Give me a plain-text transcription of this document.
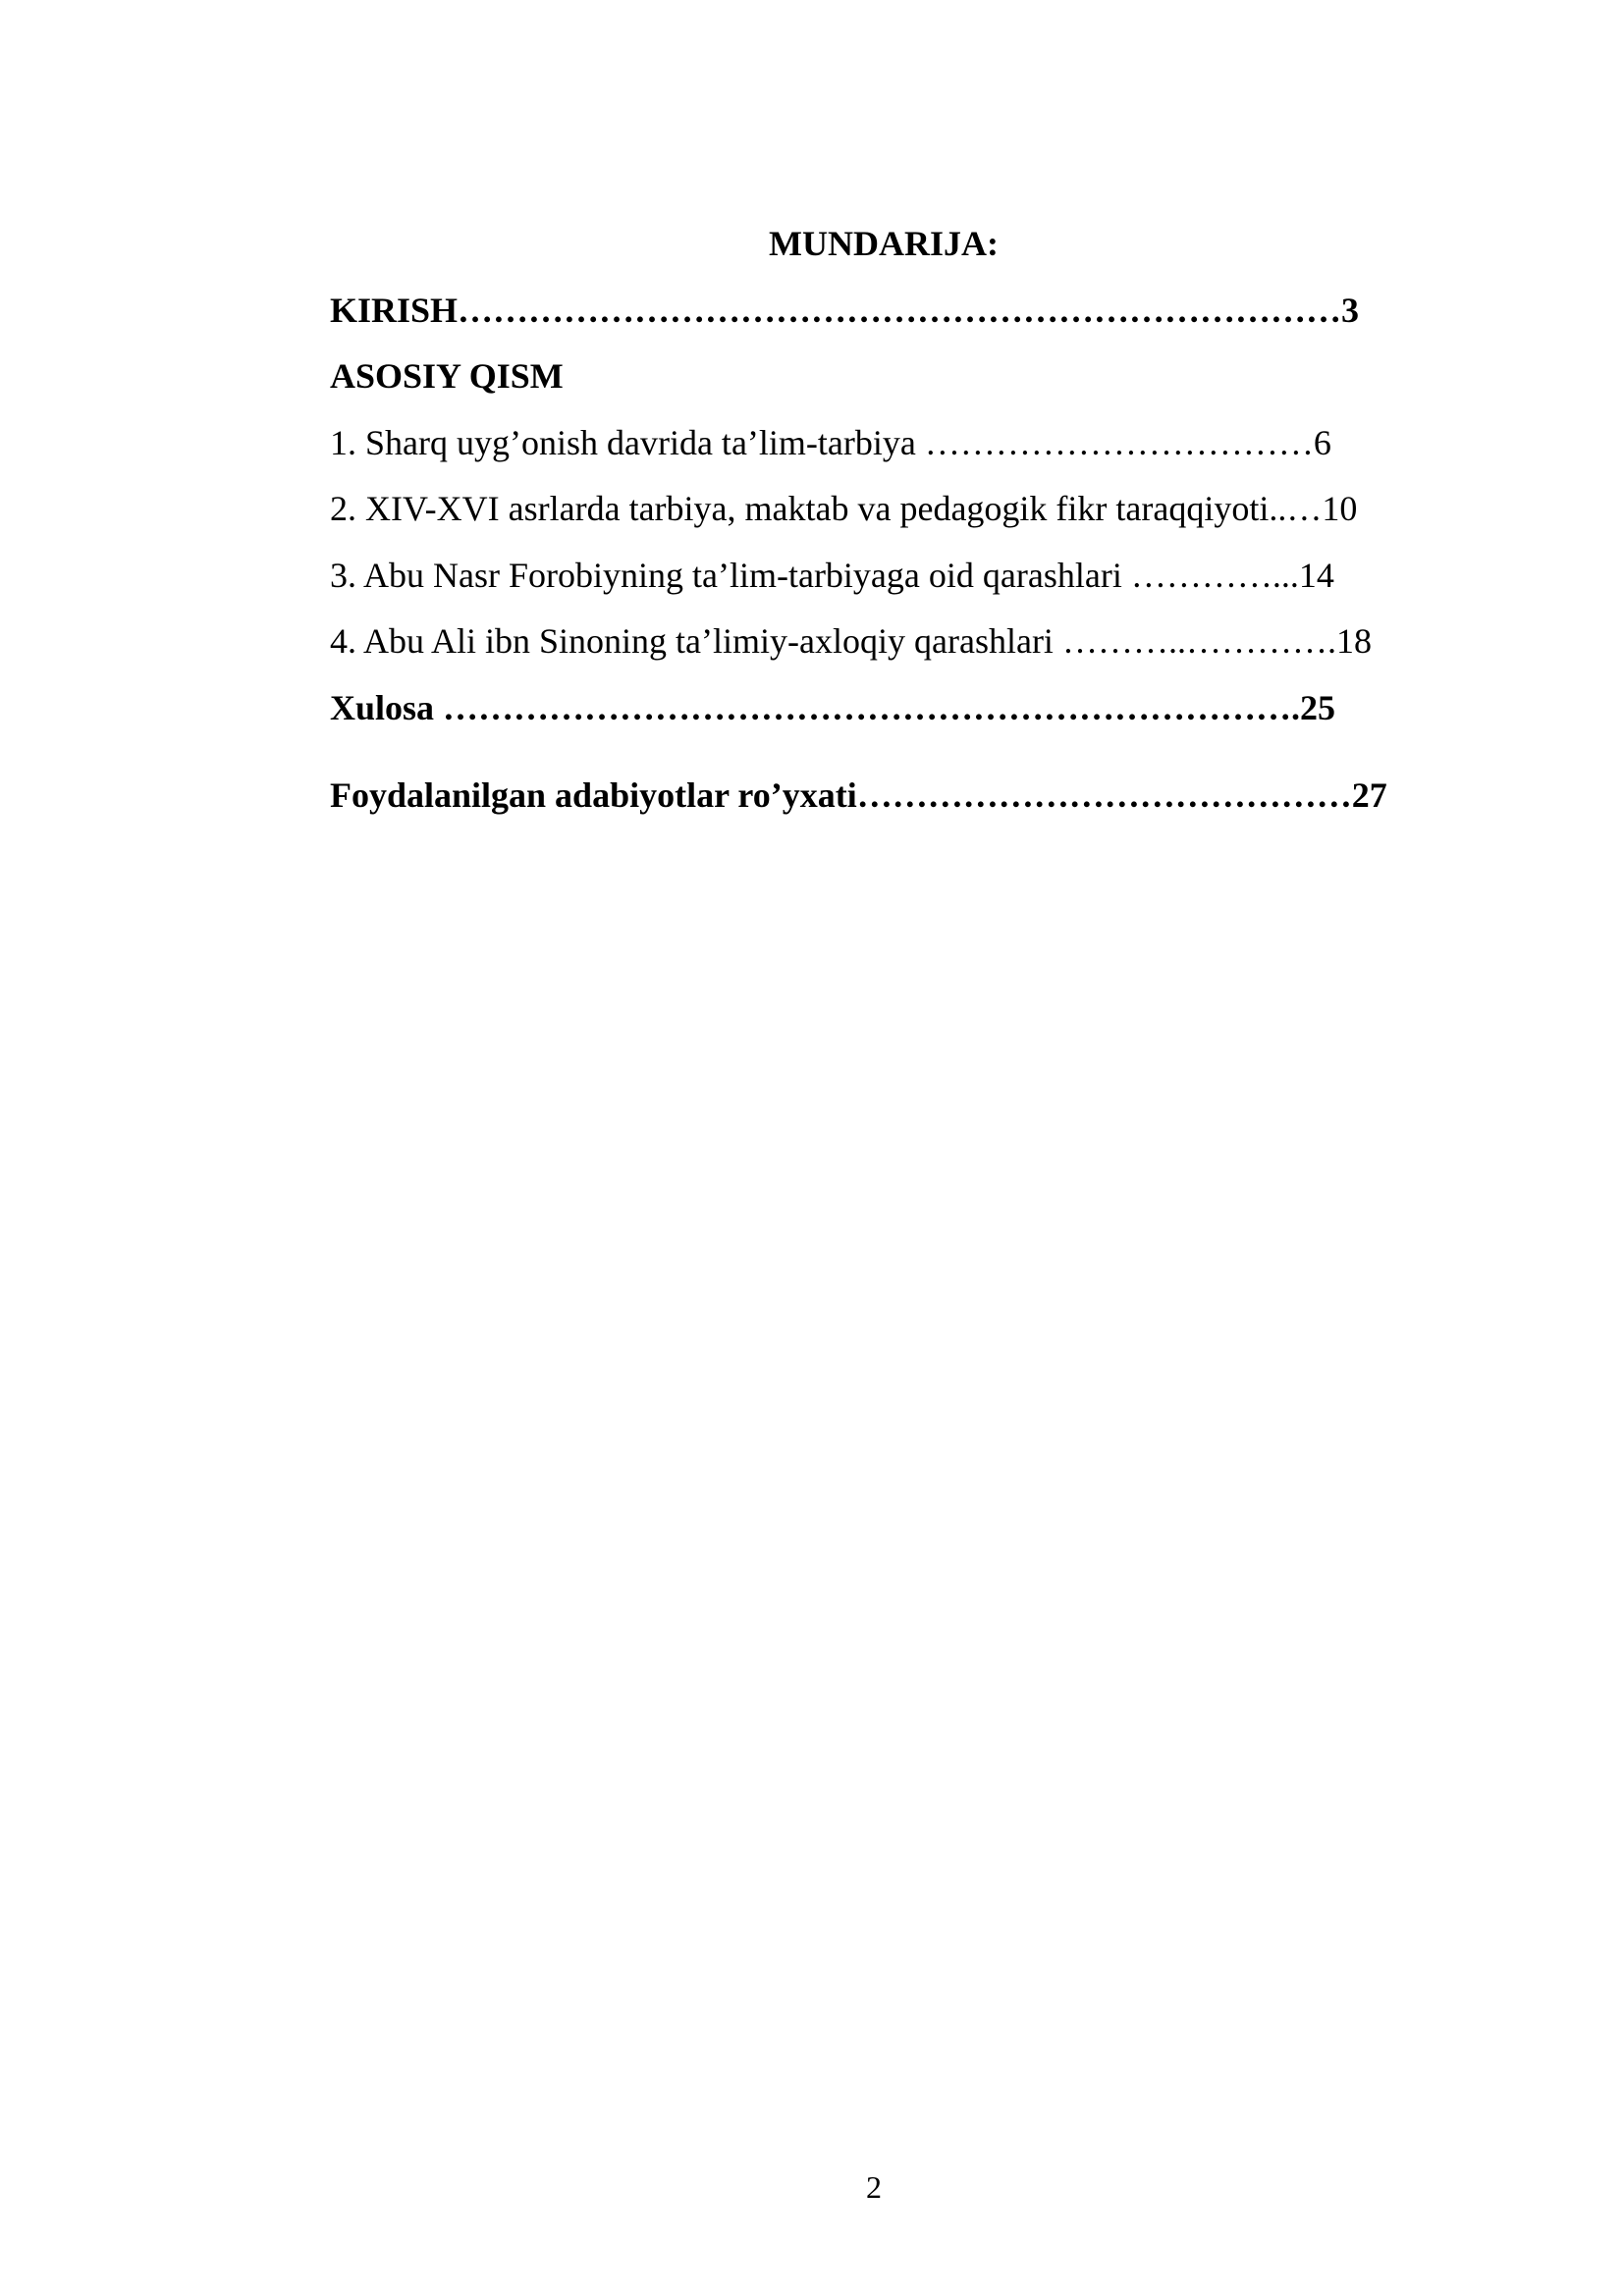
MUNDARIJA:
KIRISH…………………………………………………………………3
ASOSIY QISM
1. Sharq uyg’onish davrida ta’lim-tarbiya ……………………………6
2. XIV-XVI asrlarda tarbiya, maktab va pedagogik fikr taraqqiyoti..…10
3. Abu Nasr Forobiyning ta’lim-tarbiyaga oid qarashlari …………...14
4. Abu Ali ibn Sinoning ta’limiy-axloqiy qarashlari ………..………….18
Xulosa ……………………………………………………………….25
Foydalanilgan adabiyotlar ro’yxati……………………………………27
2
